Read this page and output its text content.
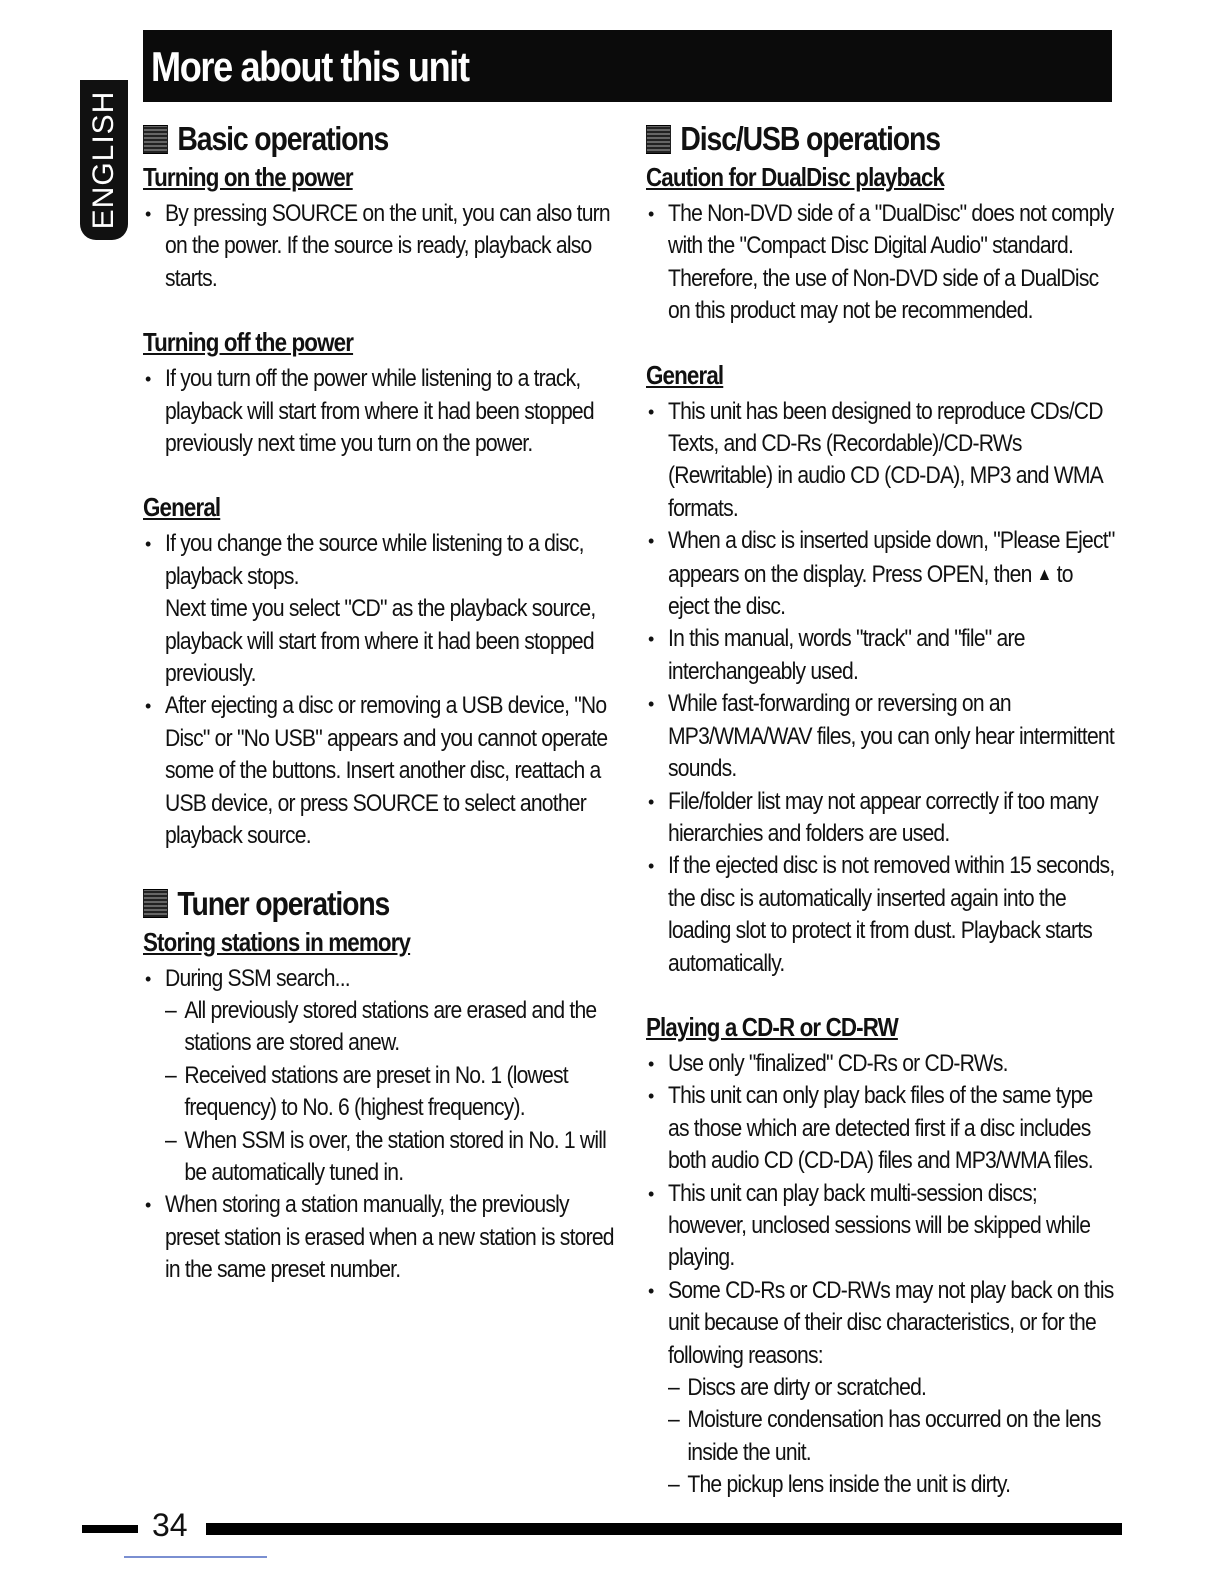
More about this unit
ENGLISH Basic operations
Turning on the power
• By pressing SOURCE on the unit, you can also turn on the power. If the source is ready, playback also starts.
Turning off the power
• If you turn off the power while listening to a track, playback will start from where it had been stopped previously next time you turn on the power.
General
• If you change the source while listening to a disc, playback stops.
Next time you select "CD" as the playback source, playback will start from where it had been stopped previously.
• After ejecting a disc or removing a USB device, "No Disc" or "No USB" appears and you cannot operate some of the buttons. Insert another disc, reattach a USB device, or press SOURCE to select another playback source.
Tuner operations
Storing stations in memory
• During SSM search...
– All previously stored stations are erased and the stations are stored anew.
– Received stations are preset in No. 1 (lowest frequency) to No. 6 (highest frequency).
– When SSM is over, the station stored in No. 1 will be automatically tuned in.
• When storing a station manually, the previously preset station is erased when a new station is stored in the same preset number.
Disc/USB operations
Caution for DualDisc playback
• The Non-DVD side of a "DualDisc" does not comply with the "Compact Disc Digital Audio" standard. Therefore, the use of Non-DVD side of a DualDisc on this product may not be recommended.
General
• This unit has been designed to reproduce CDs/CD Texts, and CD-Rs (Recordable)/CD-RWs (Rewritable) in audio CD (CD-DA), MP3 and WMA formats.
• When a disc is inserted upside down, "Please Eject" appears on the display. Press OPEN, then ▲ to eject the disc.
• In this manual, words "track" and "file" are interchangeably used.
• While fast-forwarding or reversing on an MP3/WMA/WAV files, you can only hear intermittent sounds.
• File/folder list may not appear correctly if too many hierarchies and folders are used.
• If the ejected disc is not removed within 15 seconds, the disc is automatically inserted again into the loading slot to protect it from dust. Playback starts automatically.
Playing a CD-R or CD-RW
• Use only "finalized" CD-Rs or CD-RWs.
• This unit can only play back files of the same type as those which are detected first if a disc includes both audio CD (CD-DA) files and MP3/WMA files.
• This unit can play back multi-session discs; however, unclosed sessions will be skipped while playing.
• Some CD-Rs or CD-RWs may not play back on this unit because of their disc characteristics, or for the following reasons:
– Discs are dirty or scratched.
– Moisture condensation has occurred on the lens inside the unit.
– The pickup lens inside the unit is dirty.
34
